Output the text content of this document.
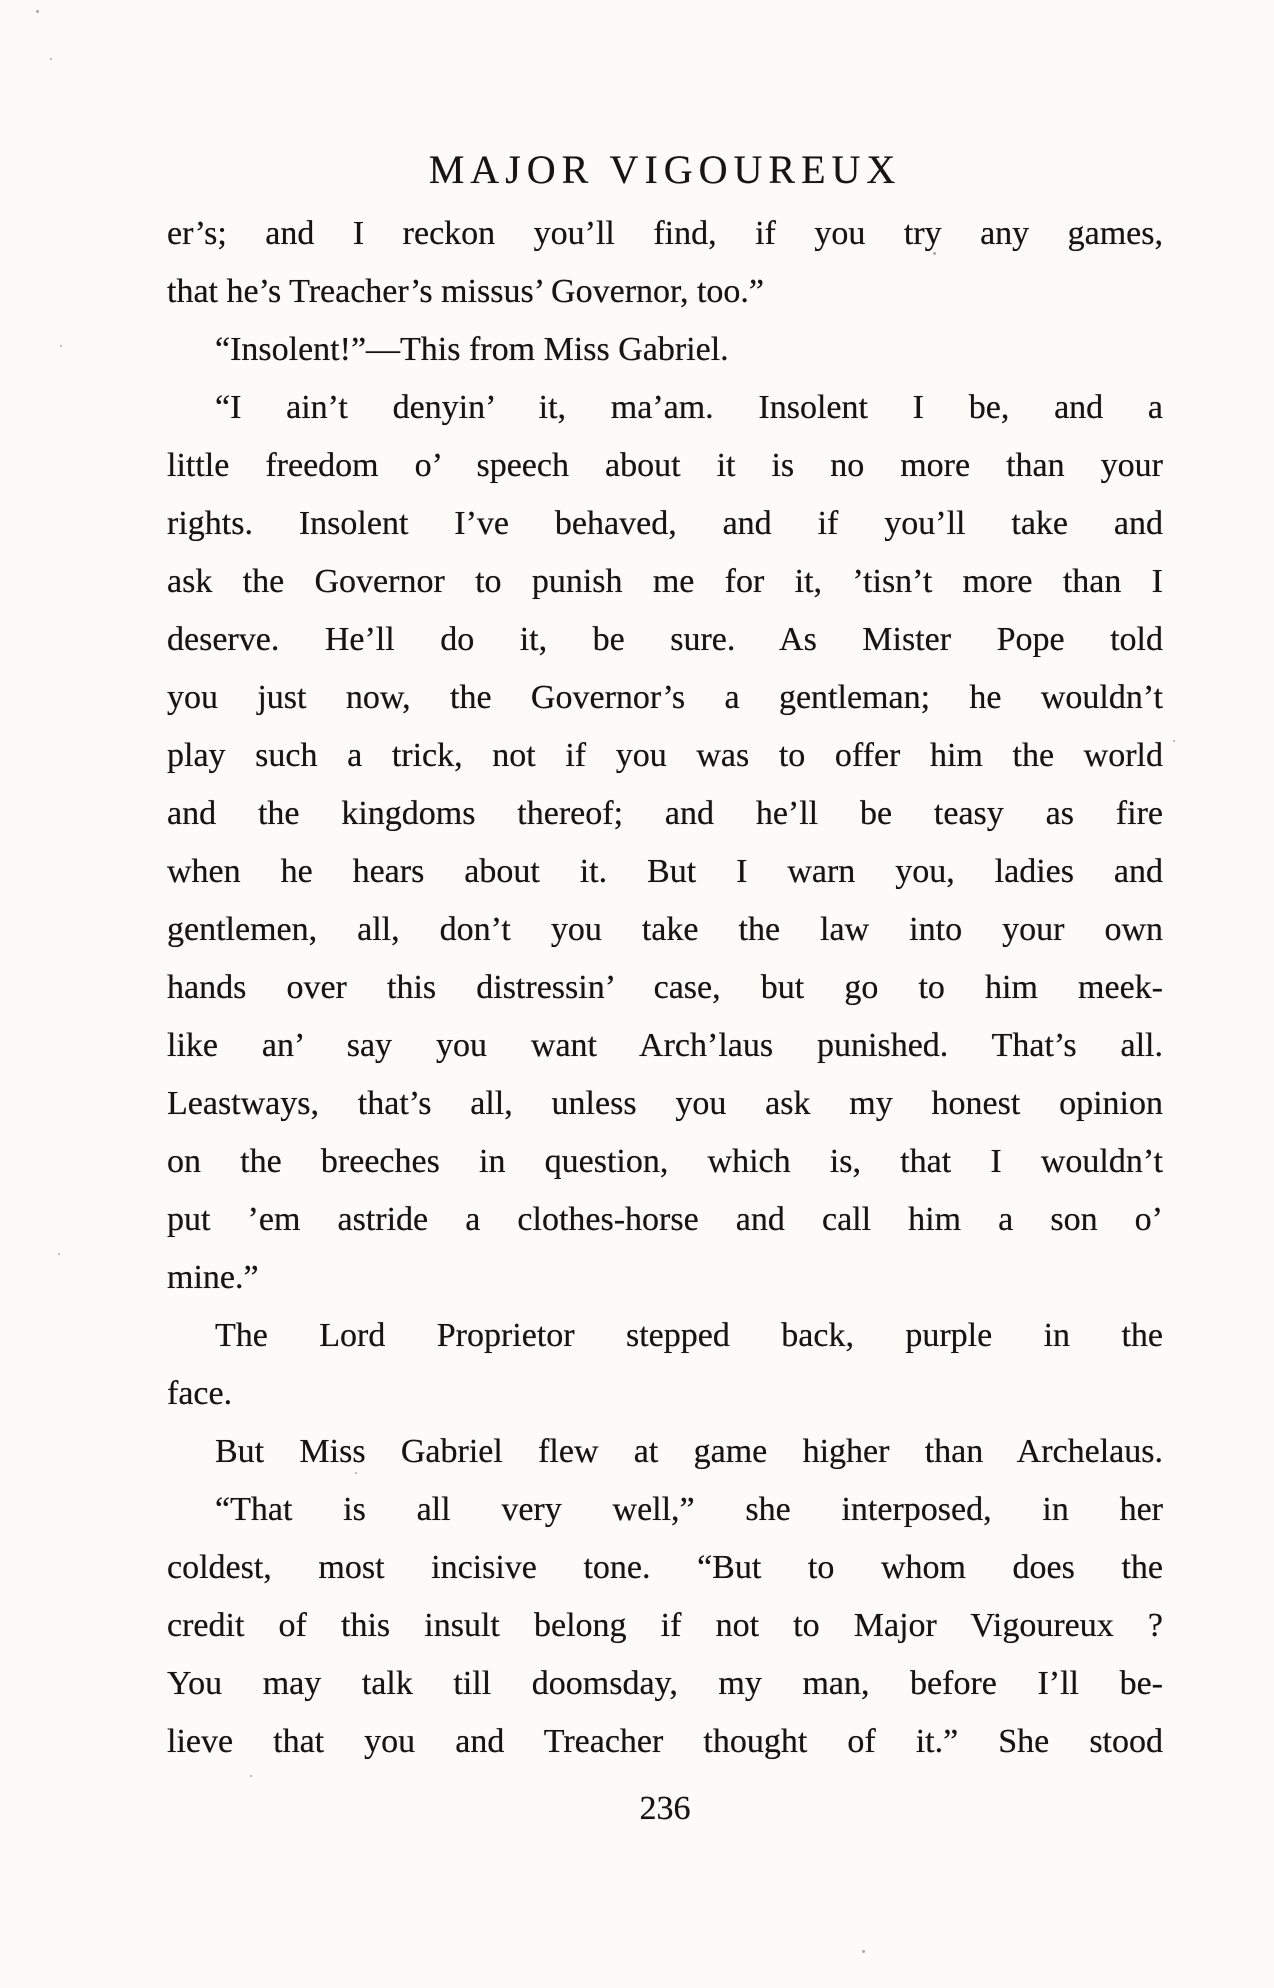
MAJOR VIGOUREUX
er’s; and I reckon you’ll find, if you try any games,
that he’s Treacher’s missus’ Governor, too.”
“Insolent!”—This from Miss Gabriel.
“I ain’t denyin’ it, ma’am. Insolent I be, and a
little freedom o’ speech about it is no more than your
rights. Insolent I’ve behaved, and if you’ll take and
ask the Governor to punish me for it, ’tisn’t more than I
deserve. He’ll do it, be sure. As Mister Pope told
you just now, the Governor’s a gentleman; he wouldn’t
play such a trick, not if you was to offer him the world
and the kingdoms thereof; and he’ll be teasy as fire
when he hears about it. But I warn you, ladies and
gentlemen, all, don’t you take the law into your own
hands over this distressin’ case, but go to him meek-
like an’ say you want Arch’laus punished. That’s all.
Leastways, that’s all, unless you ask my honest opinion
on the breeches in question, which is, that I wouldn’t
put ’em astride a clothes-horse and call him a son o’
mine.”
The Lord Proprietor stepped back, purple in the
face.
But Miss Gabriel flew at game higher than Archelaus.
“That is all very well,” she interposed, in her
coldest, most incisive tone. “But to whom does the
credit of this insult belong if not to Major Vigoureux ?
You may talk till doomsday, my man, before I’ll be-
lieve that you and Treacher thought of it.” She stood
236
